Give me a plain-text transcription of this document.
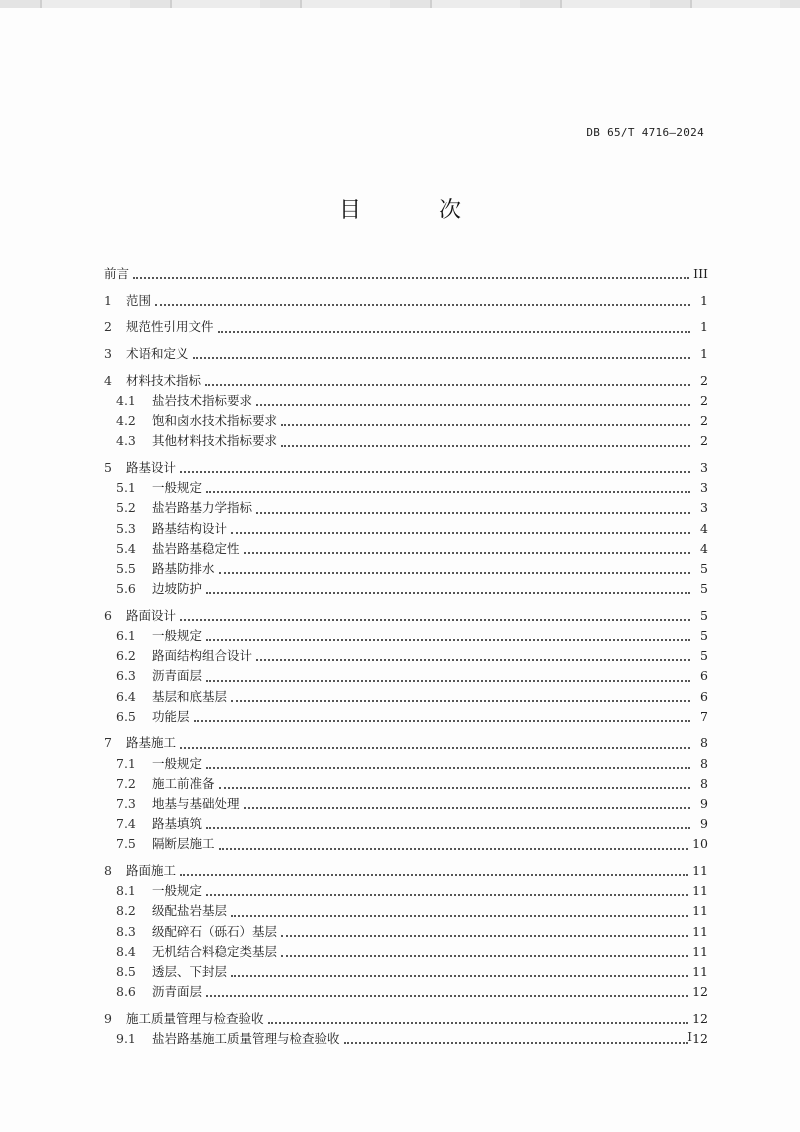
DB 65/T 4716—2024
目　次
前言	III
1	范围	1
2	规范性引用文件	1
3	术语和定义	1
4	材料技术指标	2
4.1	盐岩技术指标要求	2
4.2	饱和卤水技术指标要求	2
4.3	其他材料技术指标要求	2
5	路基设计	3
5.1	一般规定	3
5.2	盐岩路基力学指标	3
5.3	路基结构设计	4
5.4	盐岩路基稳定性	4
5.5	路基防排水	5
5.6	边坡防护	5
6	路面设计	5
6.1	一般规定	5
6.2	路面结构组合设计	5
6.3	沥青面层	6
6.4	基层和底基层	6
6.5	功能层	7
7	路基施工	8
7.1	一般规定	8
7.2	施工前准备	8
7.3	地基与基础处理	9
7.4	路基填筑	9
7.5	隔断层施工	10
8	路面施工	11
8.1	一般规定	11
8.2	级配盐岩基层	11
8.3	级配碎石（砾石）基层	11
8.4	无机结合料稳定类基层	11
8.5	透层、下封层	11
8.6	沥青面层	12
9	施工质量管理与检查验收	12
9.1	盐岩路基施工质量管理与检查验收	12
I
